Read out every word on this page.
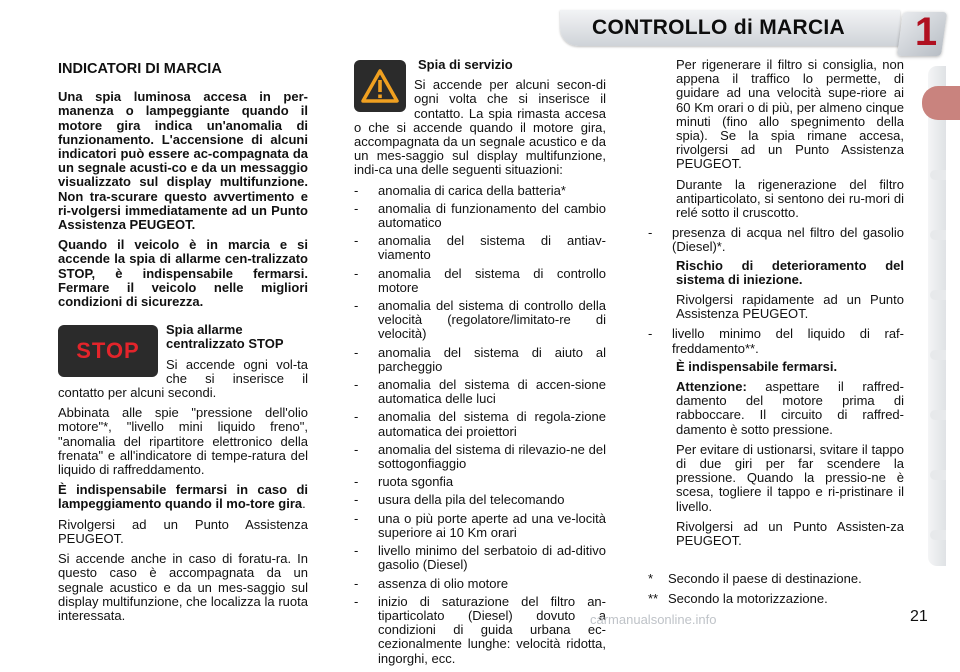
CONTROLLO di MARCIA 1
INDICATORI DI MARCIA

Una spia luminosa accesa in per-manenza o lampeggiante quando il motore gira indica un'anomalia di funzionamento. L'accensione di alcuni indicatori può essere ac-compagnata da un segnale acusti-co e da un messaggio visualizzato sul display multifunzione. Non tra-scurare questo avvertimento e ri-volgersi immediatamente ad un Punto Assistenza PEUGEOT.

Quando il veicolo è in marcia e si accende la spia di allarme cen-tralizzato STOP, è indispensabile fermarsi. Fermare il veicolo nelle migliori condizioni di sicurezza.

STOP

Spia allarme centralizzato STOP

Si accende ogni vol-ta che si inserisce il contatto per alcuni secondi.

Abbinata alle spie "pressione dell'olio motore"*, "livello mini liquido freno", "anomalia del ripartitore elettronico della frenata" e all'indicatore di tempe-ratura del liquido di raffreddamento.

È indispensabile fermarsi in caso di lampeggiamento quando il mo-tore gira.

Rivolgersi ad un Punto Assistenza PEUGEOT.

Si accende anche in caso di foratu-ra. In questo caso è accompagnata da un segnale acustico e da un mes-saggio sul display multifunzione, che localizza la ruota interessata.

Spia di servizio

Si accende per alcuni secon-di ogni volta che si inserisce il contatto. La spia rimasta accesa o che si accende quando il motore gira, accompagnata da un segnale acustico e da un mes-saggio sul display multifunzione, indi-ca una delle seguenti situazioni:

- anomalia di carica della batteria*
- anomalia di funzionamento del cambio automatico
- anomalia del sistema di antiav-viamento
- anomalia del sistema di controllo motore
- anomalia del sistema di controllo della velocità (regolatore/limitato-re di velocità)
- anomalia del sistema di aiuto al parcheggio
- anomalia del sistema di accen-sione automatica delle luci
- anomalia del sistema di regola-zione automatica dei proiettori
- anomalia del sistema di rilevazio-ne del sottogonfiaggio
- ruota sgonfia
- usura della pila del telecomando
- una o più porte aperte ad una ve-locità superiore ai 10 Km orari
- livello minimo del serbatoio di ad-ditivo gasolio (Diesel)
- assenza di olio motore
- inizio di saturazione del filtro an-tiparticolato (Diesel) dovuto a condizioni di guida urbana ec-cezionalmente lunghe: velocità ridotta, ingorghi, ecc.

Per rigenerare il filtro si consiglia, non appena il traffico lo permette, di guidare ad una velocità supe-riore ai 60 Km orari o di più, per almeno cinque minuti (fino allo spegnimento della spia). Se la spia rimane accesa, rivolgersi ad un Punto Assistenza PEUGEOT.

Durante la rigenerazione del filtro antiparticolato, si sentono dei ru-mori di relé sotto il cruscotto.

- presenza di acqua nel filtro del gasolio (Diesel)*.

Rischio di deterioramento del sistema di iniezione.

Rivolgersi rapidamente ad un Punto Assistenza PEUGEOT.

- livello minimo del liquido di raf-freddamento**.

È indispensabile fermarsi.

Attenzione: aspettare il raffred-damento del motore prima di rabboccare. Il circuito di raffred-damento è sotto pressione.

Per evitare di ustionarsi, svitare il tappo di due giri per far scendere la pressione. Quando la pressio-ne è scesa, togliere il tappo e ri-pristinare il livello.

Rivolgersi ad un Punto Assisten-za PEUGEOT.

* Secondo il paese di destinazione.

** Secondo la motorizzazione.

carmanualsonline.info	21
